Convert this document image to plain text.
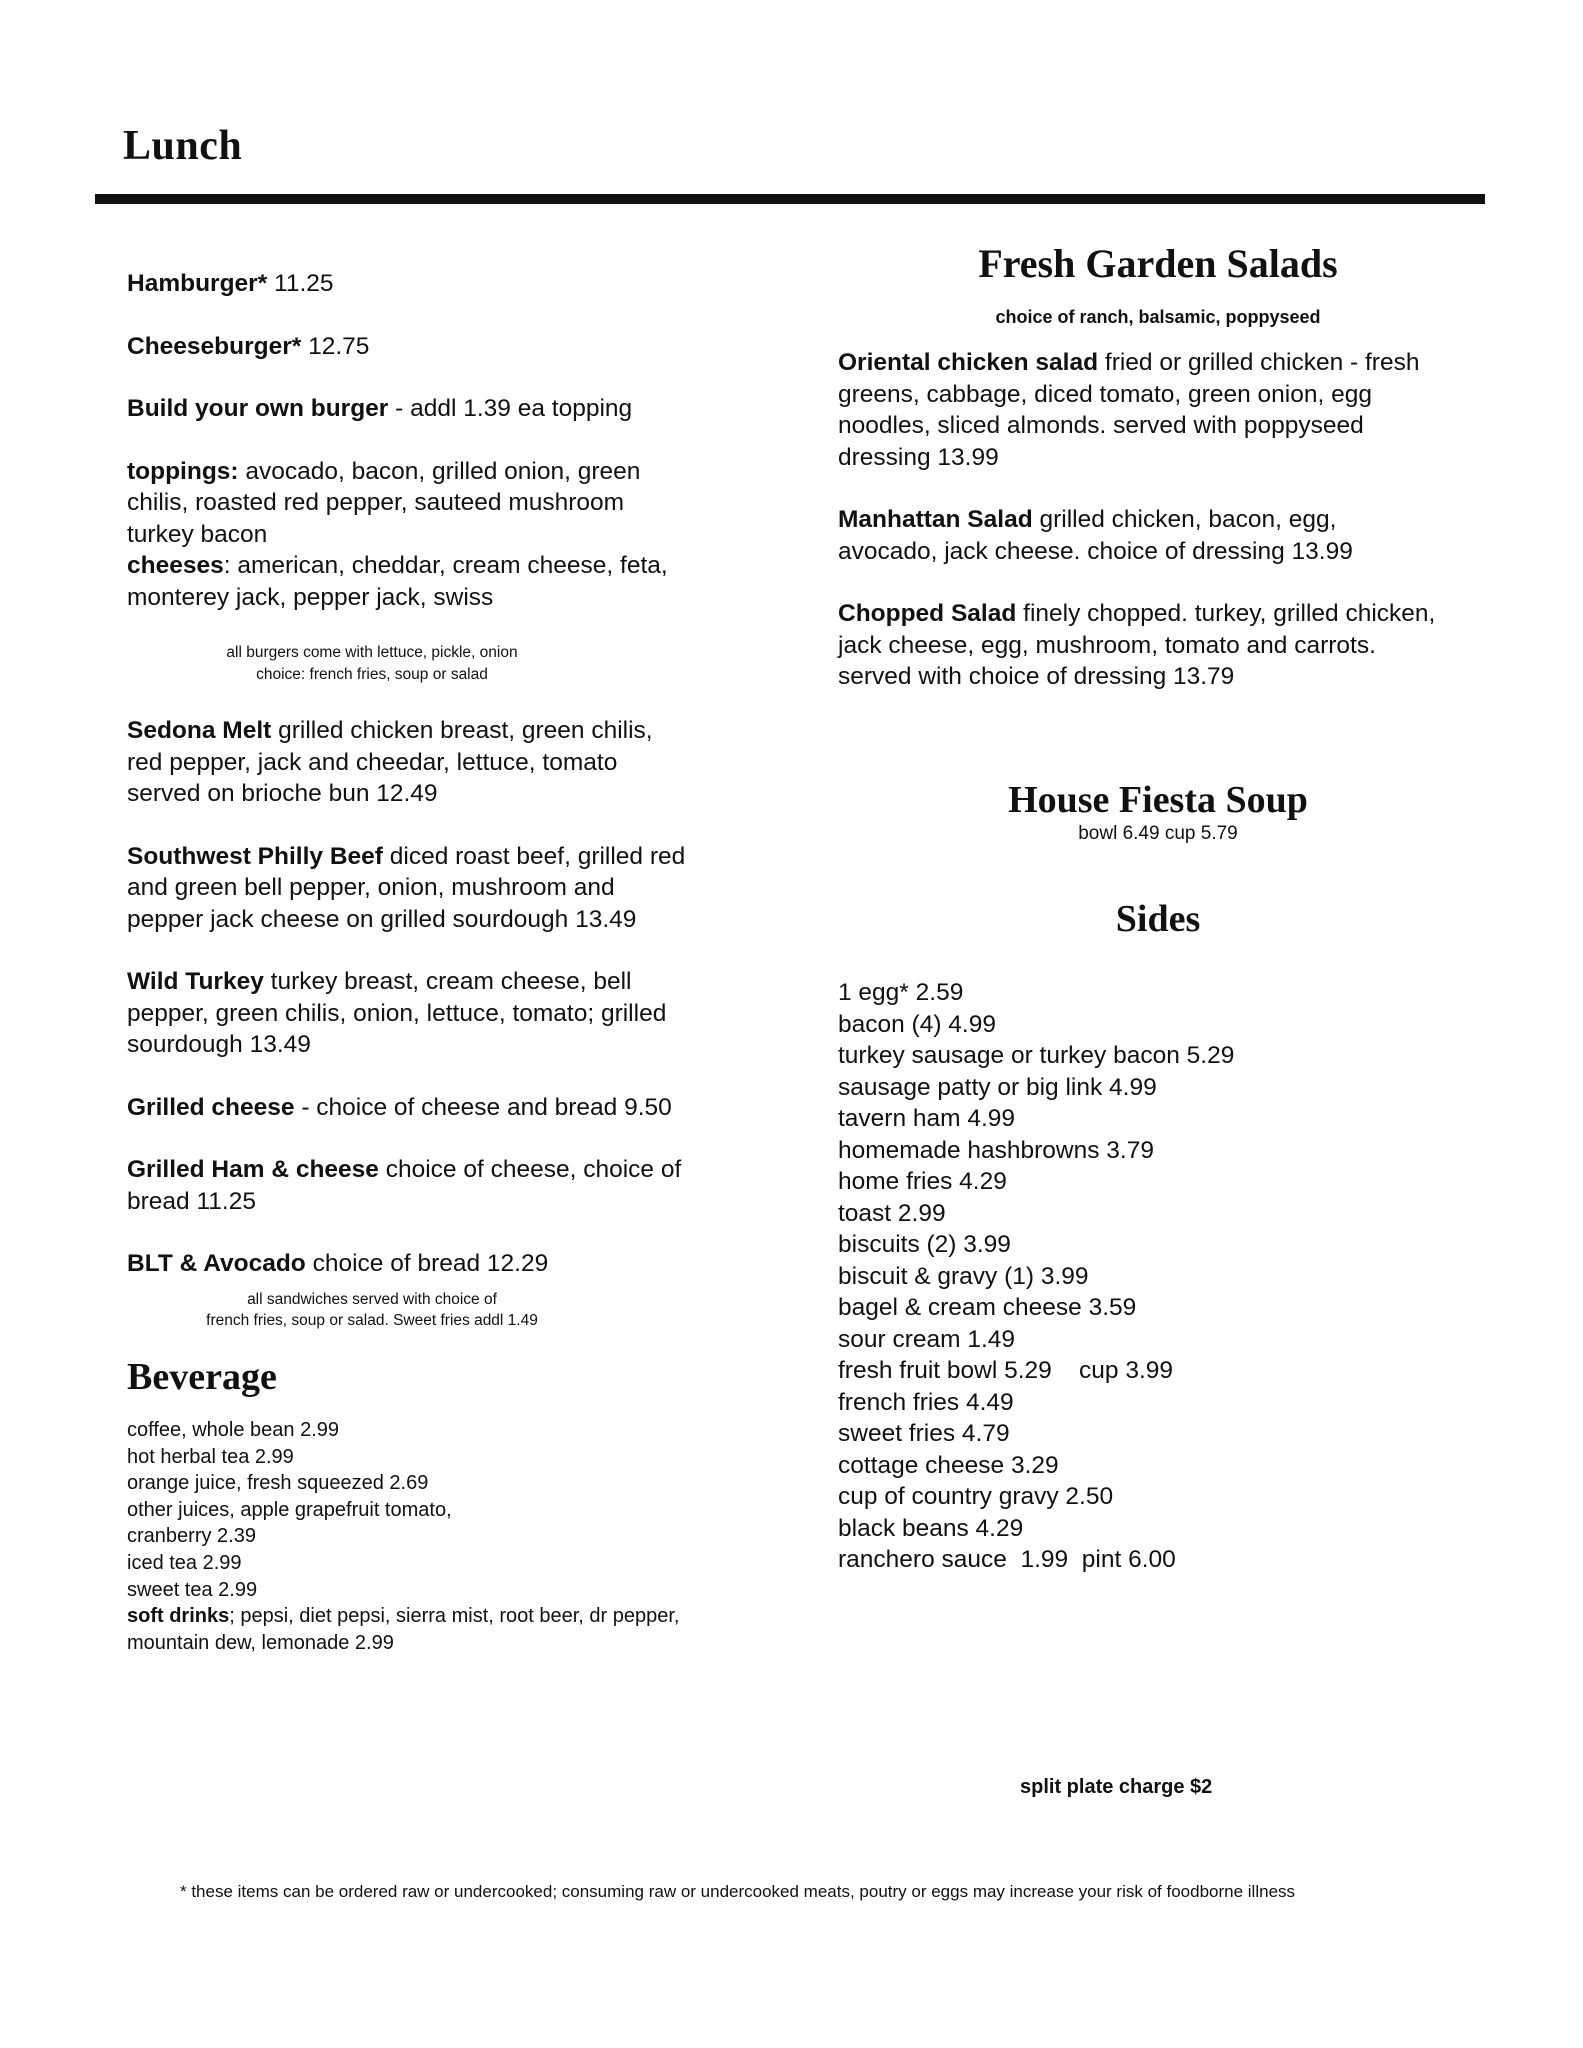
Lunch

Hamburger* 11.25

Cheeseburger* 12.75

Build your own burger - addl 1.39 ea topping

toppings: avocado, bacon, grilled onion, green chilis, roasted red pepper, sauteed mushroom turkey bacon
cheeses: american, cheddar, cream cheese, feta, monterey jack, pepper jack, swiss

all burgers come with lettuce, pickle, onion
choice: french fries, soup or salad

Sedona Melt grilled chicken breast, green chilis, red pepper, jack and cheedar, lettuce, tomato served on brioche bun 12.49

Southwest Philly Beef diced roast beef, grilled red and green bell pepper, onion, mushroom and pepper jack cheese on grilled sourdough 13.49

Wild Turkey turkey breast, cream cheese, bell pepper, green chilis, onion, lettuce, tomato; grilled sourdough 13.49

Grilled cheese - choice of cheese and bread 9.50

Grilled Ham & cheese choice of cheese, choice of bread 11.25

BLT & Avocado choice of bread 12.29

all sandwiches served with choice of
french fries, soup or salad. Sweet fries addl 1.49
Beverage

coffee, whole bean 2.99

hot herbal tea 2.99

orange juice, fresh squeezed 2.69

other juices, apple grapefruit tomato,

cranberry 2.39

iced tea 2.99

sweet tea 2.99

soft drinks; pepsi, diet pepsi, sierra mist, root beer, dr pepper, mountain dew, lemonade 2.99

Fresh Garden Salads
choice of ranch, balsamic, poppyseed

Oriental chicken salad fried or grilled chicken - fresh greens, cabbage, diced tomato, green onion, egg noodles, sliced almonds. served with poppyseed dressing 13.99

Manhattan Salad grilled chicken, bacon, egg, avocado, jack cheese. choice of dressing 13.99

Chopped Salad finely chopped. turkey, grilled chicken, jack cheese, egg, mushroom, tomato and carrots. served with choice of dressing 13.79

House Fiesta Soup
bowl 6.49 cup 5.79
Sides

1 egg* 2.59

bacon (4) 4.99

turkey sausage or turkey bacon 5.29

sausage patty or big link 4.99

tavern ham 4.99

homemade hashbrowns 3.79

home fries 4.29

toast 2.99

biscuits (2) 3.99

biscuit & gravy (1) 3.99

bagel & cream cheese 3.59

sour cream 1.49

fresh fruit bowl 5.29    cup 3.99

french fries 4.49

sweet fries 4.79

cottage cheese 3.29

cup of country gravy 2.50

black beans 4.29

ranchero sauce  1.99  pint 6.00

split plate charge $2
* these items can be ordered raw or undercooked; consuming raw or undercooked meats, poutry or eggs may increase your risk of foodborne illness
